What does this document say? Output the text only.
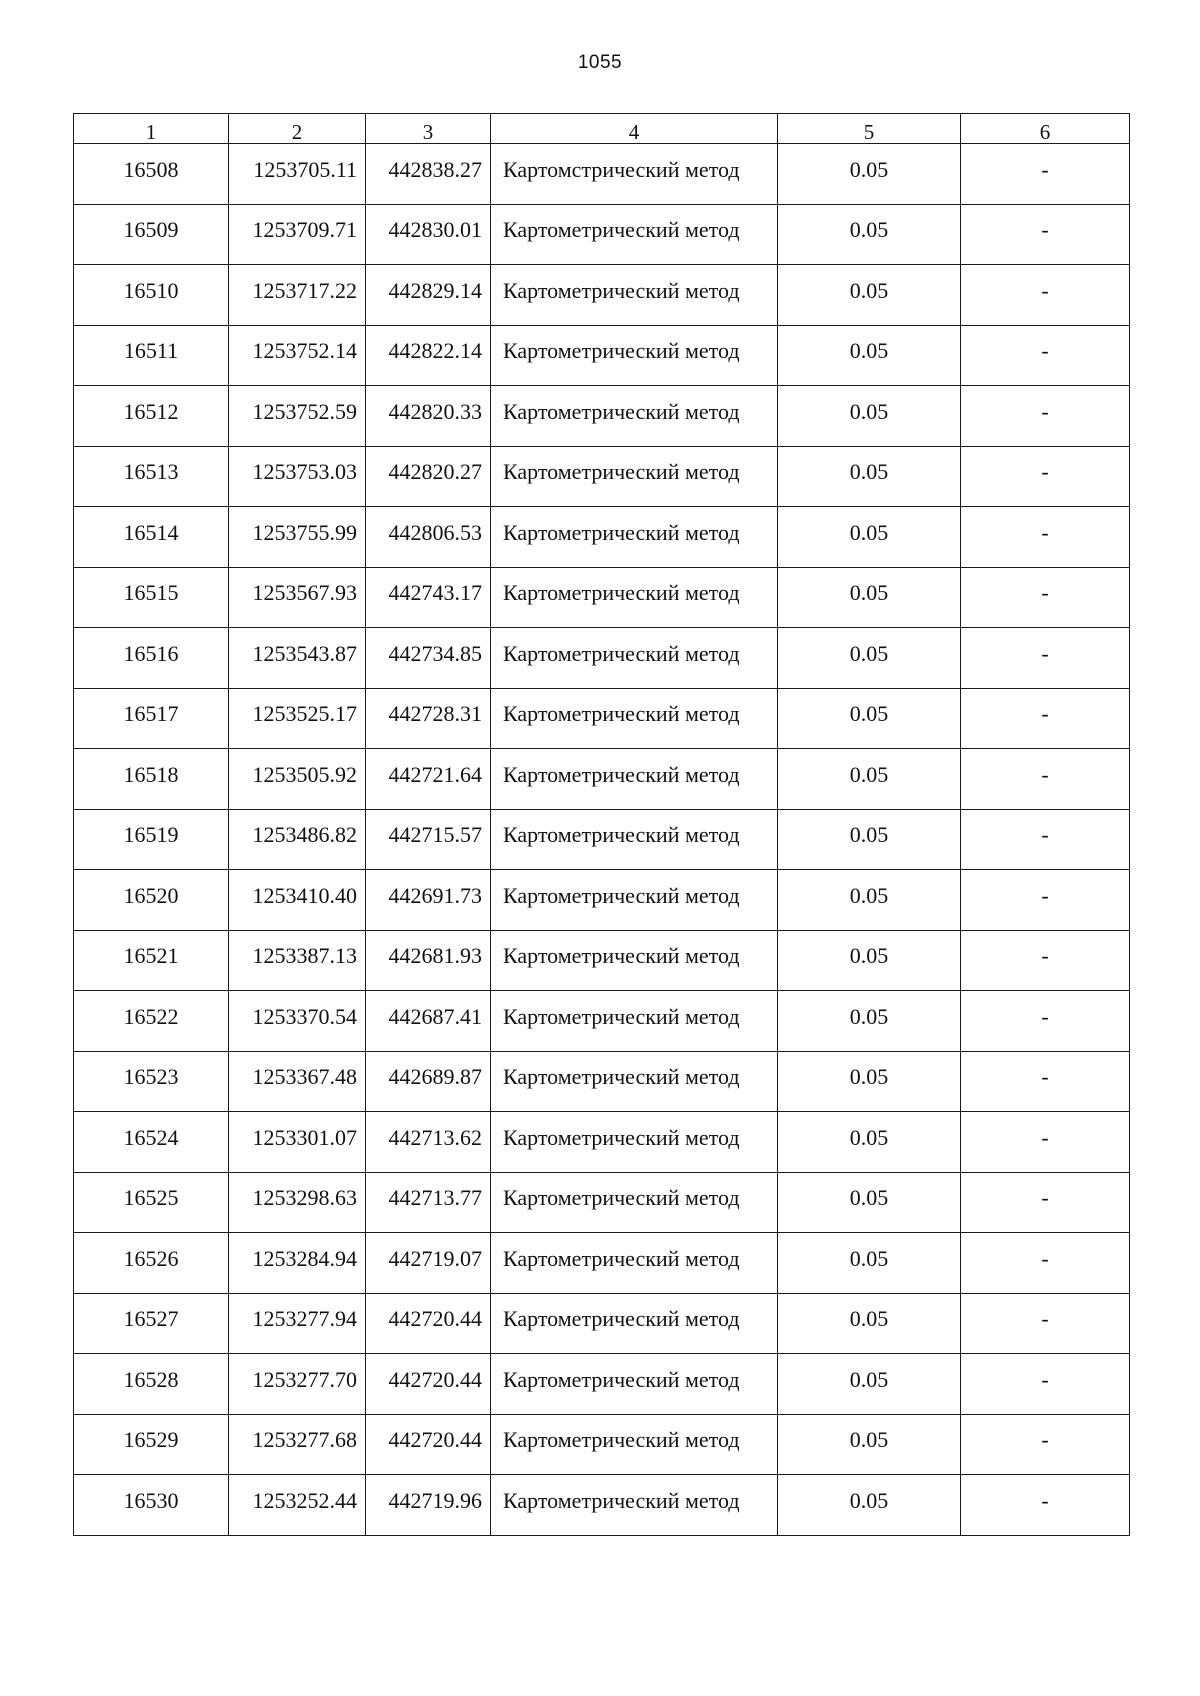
1055
1	2	3	4	5	6
16508	1253705.11	442838.27	Картомстрический метод	0.05	-
16509	1253709.71	442830.01	Картометрический метод	0.05	-
16510	1253717.22	442829.14	Картометрический метод	0.05	-
16511	1253752.14	442822.14	Картометрический метод	0.05	-
16512	1253752.59	442820.33	Картометрический метод	0.05	-
16513	1253753.03	442820.27	Картометрический метод	0.05	-
16514	1253755.99	442806.53	Картометрический метод	0.05	-
16515	1253567.93	442743.17	Картометрический метод	0.05	-
16516	1253543.87	442734.85	Картометрический метод	0.05	-
16517	1253525.17	442728.31	Картометрический метод	0.05	-
16518	1253505.92	442721.64	Картометрический метод	0.05	-
16519	1253486.82	442715.57	Картометрический метод	0.05	-
16520	1253410.40	442691.73	Картометрический метод	0.05	-
16521	1253387.13	442681.93	Картометрический метод	0.05	-
16522	1253370.54	442687.41	Картометрический метод	0.05	-
16523	1253367.48	442689.87	Картометрический метод	0.05	-
16524	1253301.07	442713.62	Картометрический метод	0.05	-
16525	1253298.63	442713.77	Картометрический метод	0.05	-
16526	1253284.94	442719.07	Картометрический метод	0.05	-
16527	1253277.94	442720.44	Картометрический метод	0.05	-
16528	1253277.70	442720.44	Картометрический метод	0.05	-
16529	1253277.68	442720.44	Картометрический метод	0.05	-
16530	1253252.44	442719.96	Картометрический метод	0.05	-
